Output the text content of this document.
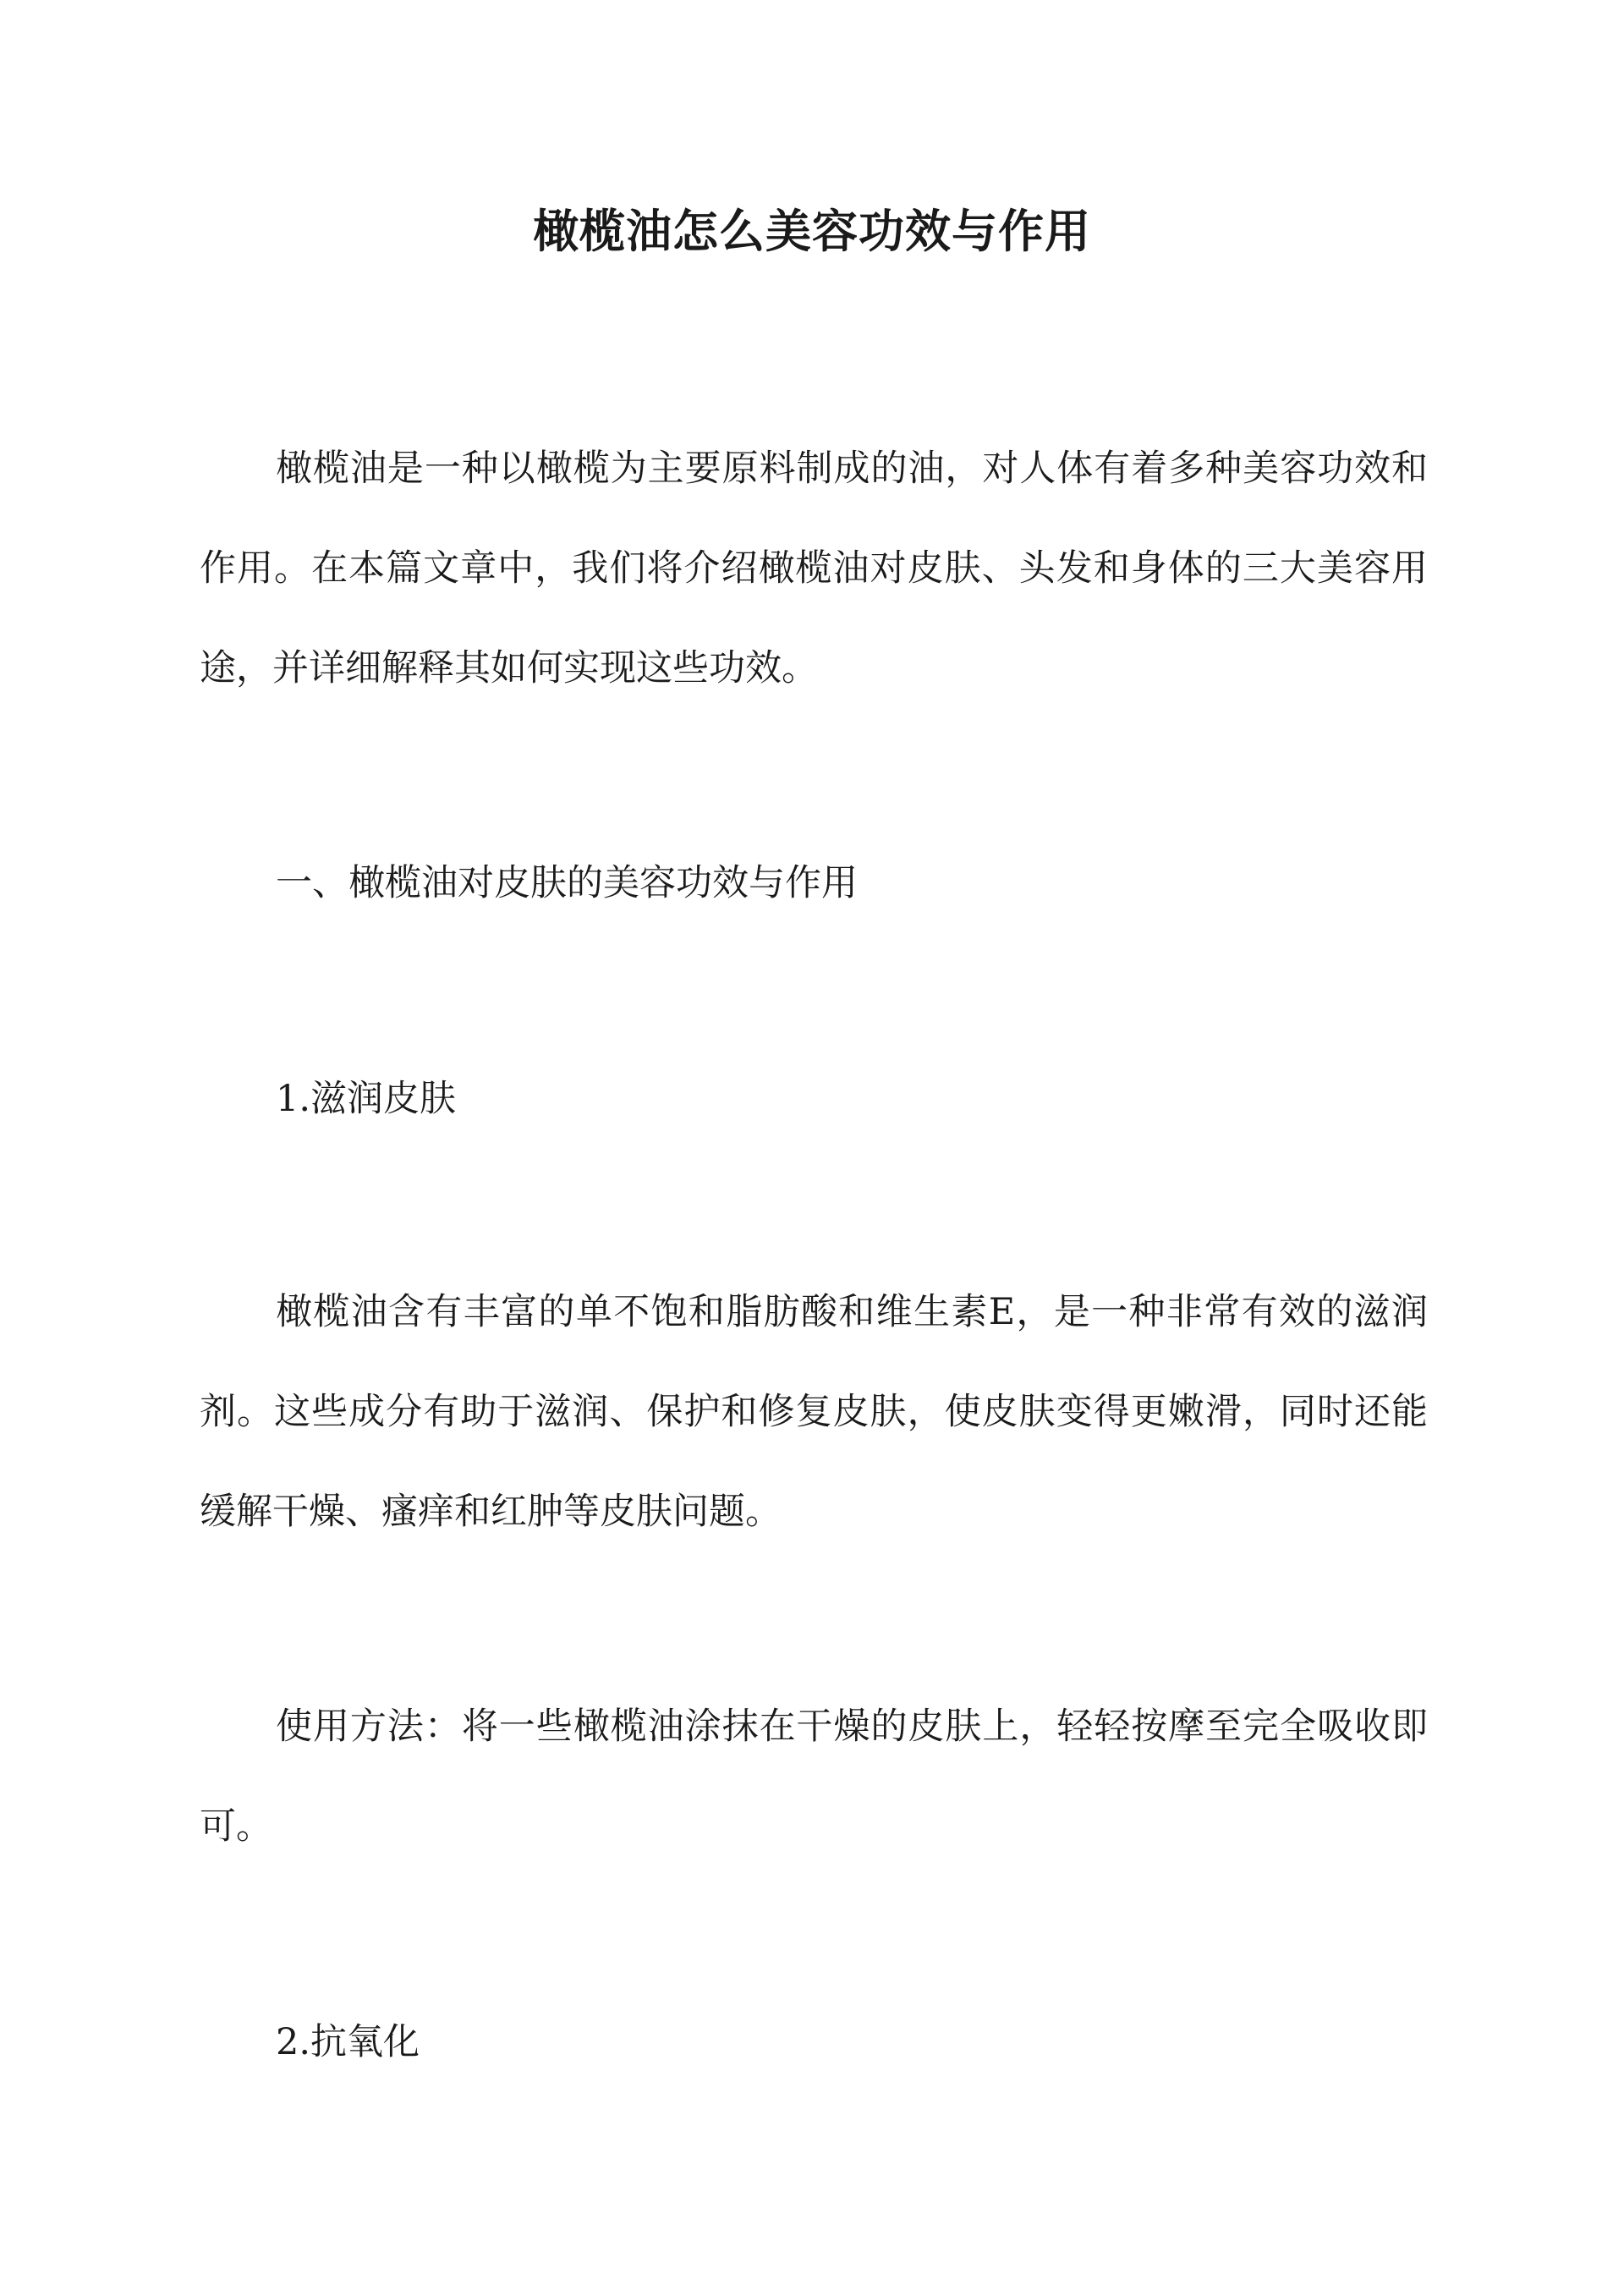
橄榄油怎么美容功效与作用

橄榄油是一种以橄榄为主要原料制成的油，对人体有着多种美容功效和作用。在本篇文章中，我们将介绍橄榄油对皮肤、头发和身体的三大美容用途，并详细解释其如何实现这些功效。

一、橄榄油对皮肤的美容功效与作用

1.滋润皮肤

橄榄油含有丰富的单不饱和脂肪酸和维生素E，是一种非常有效的滋润剂。这些成分有助于滋润、保护和修复皮肤，使皮肤变得更嫩滑，同时还能缓解干燥、瘙痒和红肿等皮肤问题。

使用方法：将一些橄榄油涂抹在干燥的皮肤上，轻轻按摩至完全吸收即可。

2.抗氧化
